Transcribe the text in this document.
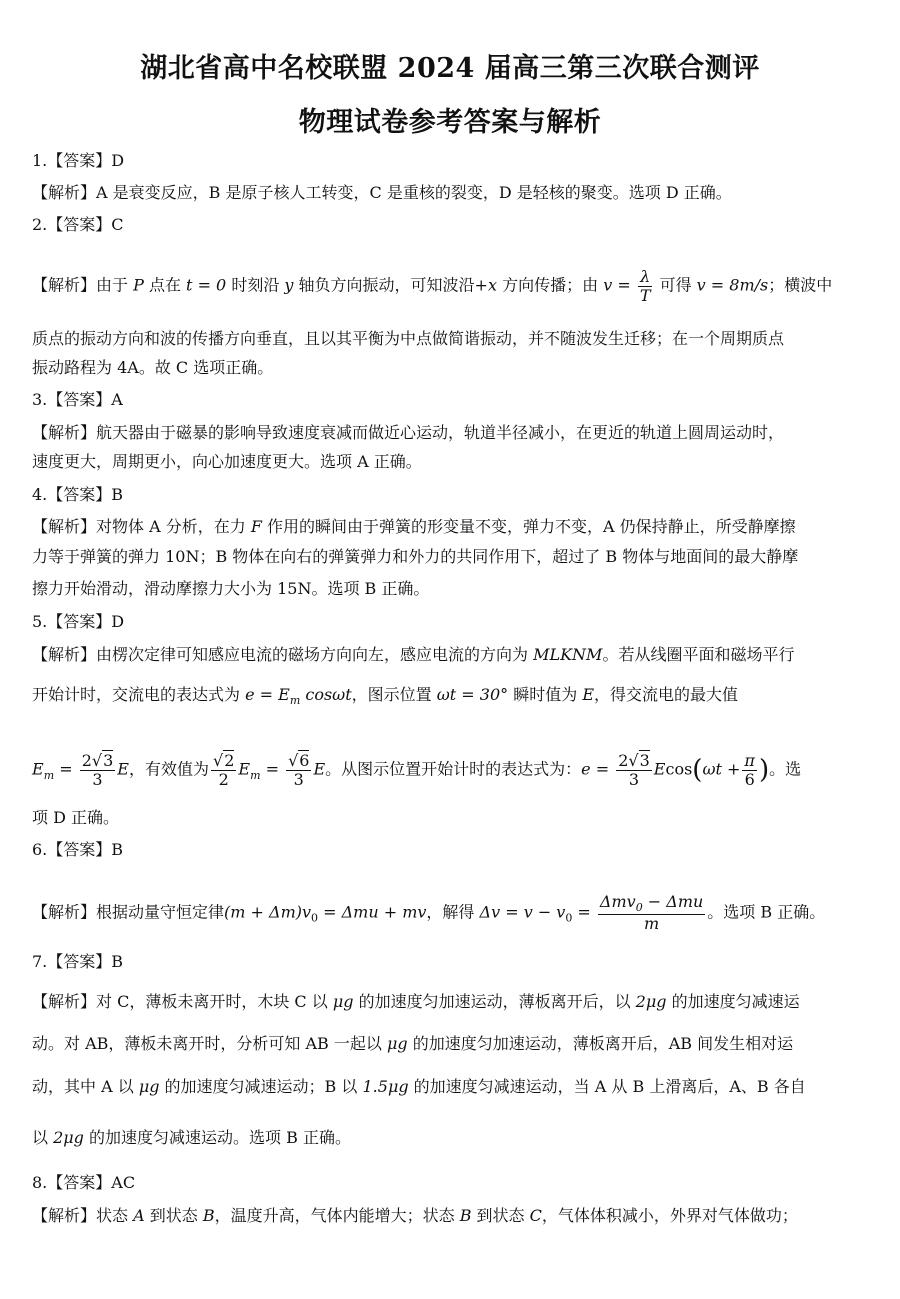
湖北省高中名校联盟 2024 届高三第三次联合测评
物理试卷参考答案与解析
1.【答案】D
【解析】A 是衰变反应，B 是原子核人工转变，C 是重核的裂变，D 是轻核的聚变。选项 D 正确。
2.【答案】C
【解析】由于 P 点在 t = 0 时刻沿 y 轴负方向振动，可知波沿+x 方向传播；由 $v = \frac{\lambda}{T}$ 可得 v = 8m/s；横波中
质点的振动方向和波的传播方向垂直，且以其平衡为中点做简谐振动，并不随波发生迁移；在一个周期质点
振动路程为 4A。故 C 选项正确。
3.【答案】A
【解析】航天器由于磁暴的影响导致速度衰减而做近心运动，轨道半径减小，在更近的轨道上圆周运动时，
速度更大，周期更小，向心加速度更大。选项 A 正确。
4.【答案】B
【解析】对物体 A 分析，在力 F 作用的瞬间由于弹簧的形变量不变，弹力不变，A 仍保持静止，所受静摩擦
力等于弹簧的弹力 10N；B 物体在向右的弹簧弹力和外力的共同作用下，超过了 B 物体与地面间的最大静摩
擦力开始滑动，滑动摩擦力大小为 15N。选项 B 正确。
5.【答案】D
【解析】由楞次定律可知感应电流的磁场方向向左，感应电流的方向为 MLKNM。若从线圈平面和磁场平行
开始计时，交流电的表达式为 $e = E_m$ cosωt，图示位置 ωt = 30° 瞬时值为 E，得交流电的最大值
$E_m = \frac{2√3}{3}$ E，有效值为 $\frac{√2}{2} E_m = \frac{√6}{3}$ E。从图示位置开始计时的表达式为：$e = \frac{2√3}{3} Ecos(\omega t + \frac{\pi}{6}$ )。选
项 D 正确。
6.【答案】B
【解析】根据动量守恒定律$(m + \Delta m)v_0 = \Delta mu$ + mv，解得 $\Delta v = v - v_0 = \frac{\Delta mv_0 - \Delta mu}{m}$ 。选项 B 正确。
7.【答案】B
【解析】对 C，薄板未离开时，木块 C 以 μg 的加速度匀加速运动，薄板离开后，以 2μg 的加速度匀减速运
动。对 AB，薄板未离开时，分析可知 AB 一起以 μg 的加速度匀加速运动，薄板离开后，AB 间发生相对运
动，其中 A 以 μg 的加速度匀减速运动；B 以 1.5μg 的加速度匀减速运动，当 A 从 B 上滑离后，A、B 各自
以 2μg 的加速度匀减速运动。选项 B 正确。
8.【答案】AC
【解析】状态 A 到状态 B，温度升高，气体内能增大；状态 B 到状态 C，气体体积减小，外界对气体做功；
